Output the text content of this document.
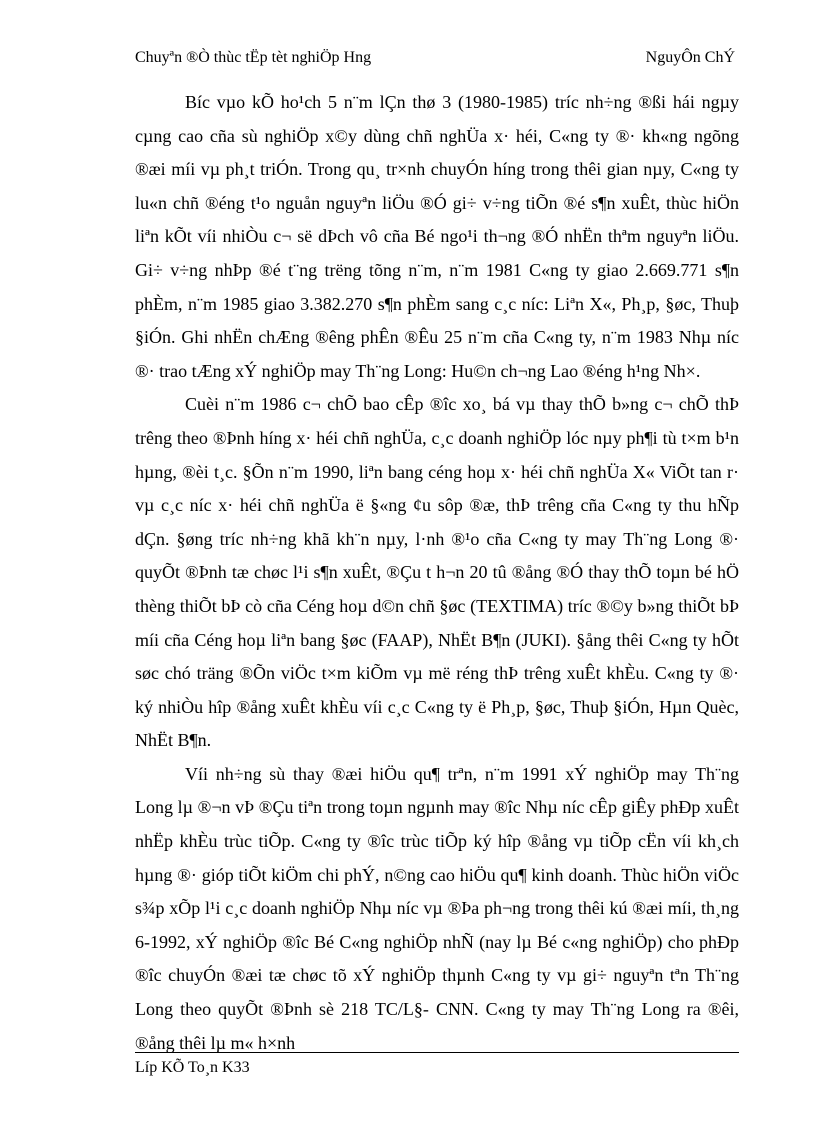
Chuyªn ®Ò thùc tËp tèt nghiÖp Hng	NguyÔn ChÝ

Bíc vµo kÕ ho¹ch 5 n¨m lÇn thø 3 (1980-1985) tríc nh÷ng ®ßi hái ngµy cµng cao cña sù nghiÖp x©y dùng chñ nghÜa x· héi, C«ng ty ®· kh«ng ngõng ®æi míi vµ ph¸t triÓn. Trong qu¸ tr×nh chuyÓn híng trong thêi gian nµy, C«ng ty lu«n chñ ®éng t¹o nguån nguyªn liÖu ®Ó gi÷ v÷ng tiÕn ®é s¶n xuÊt, thùc hiÖn liªn kÕt víi nhiÒu c¬ së dÞch vô cña Bé ngo¹i th¬ng ®Ó nhËn thªm nguyªn liÖu. Gi÷ v÷ng nhÞp ®é t¨ng trëng tõng n¨m, n¨m 1981 C«ng ty giao 2.669.771 s¶n phÈm, n¨m 1985 giao 3.382.270 s¶n phÈm sang c¸c níc: Liªn X«, Ph¸p, §øc, Thuþ §iÓn. Ghi nhËn chÆng ®êng phÊn ®Êu 25 n¨m cña C«ng ty, n¨m 1983 Nhµ níc ®· trao tÆng xÝ nghiÖp may Th¨ng Long: Hu©n ch¬ng Lao ®éng h¹ng Nh×.

Cuèi n¨m 1986 c¬ chÕ bao cÊp ®îc xo¸ bá vµ thay thÕ b»ng c¬ chÕ thÞ trêng theo ®Þnh híng x· héi chñ nghÜa, c¸c doanh nghiÖp lóc nµy ph¶i tù t×m b¹n hµng, ®èi t¸c. §Õn n¨m 1990, liªn bang céng hoµ x· héi chñ nghÜa X« ViÕt tan r· vµ c¸c níc x· héi chñ nghÜa ë §«ng ¢u sôp ®æ, thÞ trêng cña C«ng ty thu hÑp dÇn. §øng tríc nh÷ng khã kh¨n nµy, l·nh ®¹o cña C«ng ty may Th¨ng Long ®· quyÕt ®Þnh tæ chøc l¹i s¶n xuÊt, ®Çu t h¬n 20 tû ®ång ®Ó thay thÕ toµn bé hÖ thèng thiÕt bÞ cò cña Céng hoµ d©n chñ §øc (TEXTIMA) tríc ®©y b»ng thiÕt bÞ míi cña Céng hoµ liªn bang §øc (FAAP), NhËt B¶n (JUKI). §ång thêi C«ng ty hÕt søc chó träng ®Õn viÖc t×m kiÕm vµ më réng thÞ trêng xuÊt khÈu. C«ng ty ®· ký nhiÒu hîp ®ång xuÊt khÈu víi c¸c C«ng ty ë Ph¸p, §øc, Thuþ §iÓn, Hµn Quèc, NhËt B¶n.

Víi nh÷ng sù thay ®æi hiÖu qu¶ trªn, n¨m 1991 xÝ nghiÖp may Th¨ng Long lµ ®¬n vÞ ®Çu tiªn trong toµn ngµnh may ®îc Nhµ níc cÊp giÊy phÐp xuÊt nhËp khÈu trùc tiÕp. C«ng ty ®îc trùc tiÕp ký hîp ®ång vµ tiÕp cËn víi kh¸ch hµng ®· gióp tiÕt kiÖm chi phÝ, n©ng cao hiÖu qu¶ kinh doanh. Thùc hiÖn viÖc s¾p xÕp l¹i c¸c doanh nghiÖp Nhµ níc vµ ®Þa ph¬ng trong thêi kú ®æi míi, th¸ng 6-1992, xÝ nghiÖp ®îc Bé C«ng nghiÖp nhÑ (nay lµ Bé c«ng nghiÖp) cho phÐp ®îc chuyÓn ®æi tæ chøc tõ xÝ nghiÖp thµnh C«ng ty vµ gi÷ nguyªn tªn Th¨ng Long theo quyÕt ®Þnh sè 218 TC/L§- CNN. C«ng ty may Th¨ng Long ra ®êi, ®ång thêi lµ m« h×nh

Líp KÕ To¸n K33
